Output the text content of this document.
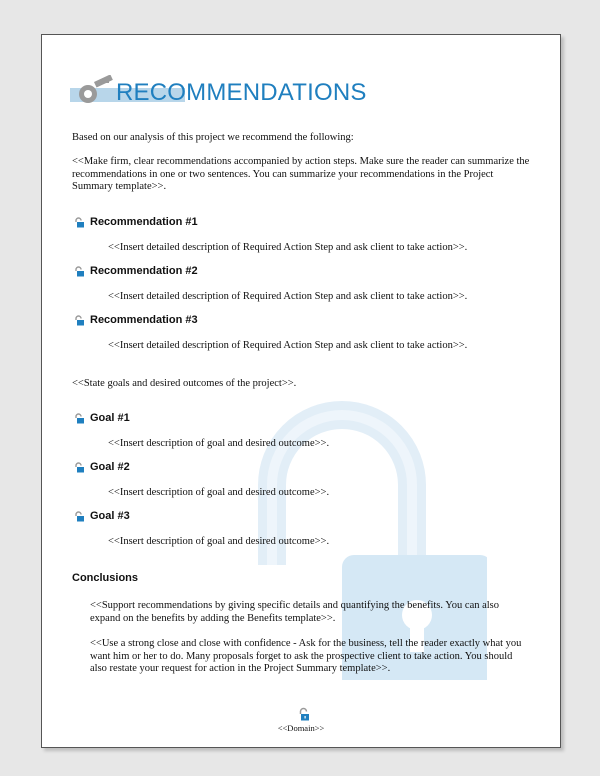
RECOMMENDATIONS
Based on our analysis of this project we recommend the following:
<<Make firm, clear recommendations accompanied by action steps. Make sure the reader can summarize the recommendations in one or two sentences. You can summarize your recommendations in the Project Summary template>>.
Recommendation #1
<<Insert detailed description of Required Action Step and ask client to take action>>.
Recommendation #2
<<Insert detailed description of Required Action Step and ask client to take action>>.
Recommendation #3
<<Insert detailed description of Required Action Step and ask client to take action>>.
<<State goals and desired outcomes of the project>>.
Goal #1
<<Insert description of goal and desired outcome>>.
Goal #2
<<Insert description of goal and desired outcome>>.
Goal #3
<<Insert description of goal and desired outcome>>.
Conclusions
<<Support recommendations by giving specific details and quantifying the benefits. You can also expand on the benefits by adding the Benefits template>>.
<<Use a strong close and close with confidence - Ask for the business, tell the reader exactly what you want him or her to do. Many proposals forget to ask the prospective client to take action. You should also restate your request for action in the Project Summary template>>.
<<Domain>>
